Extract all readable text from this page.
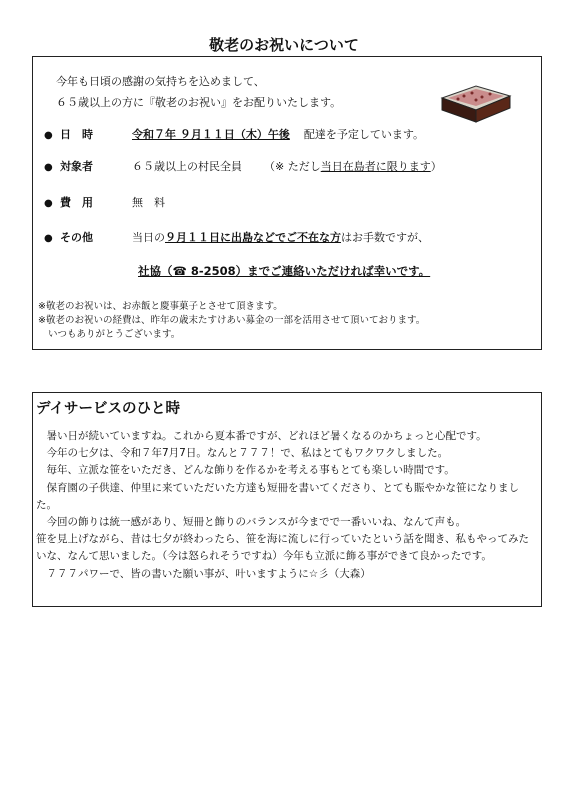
敬老のお祝いについて
今年も日頃の感謝の気持ちを込めまして、
６５歳以上の方に『敬老のお祝い』をお配りいたします。
● 日　時	令和７年 ９月１１日（木）午後 配達を予定しています。
● 対象者	６５歳以上の村民全員 （※ ただし当日在島者に限ります）
● 費　用	無　料
● その他	当日の９月１１日に出島などでご不在な方はお手数ですが、
社協（☎ 8-2508）までご連絡いただければ幸いです。
※敬老のお祝いは、お赤飯と慶事菓子とさせて頂きます。
※敬老のお祝いの経費は、昨年の歳末たすけあい募金の一部を活用させて頂いております。
いつもありがとうございます。
デイサービスのひと時

暑い日が続いていますね。これから夏本番ですが、どれほど暑くなるのかちょっと心配です。

今年の七夕は、令和７年7月7日。なんと７７７！で、私はとてもワクワクしました。

毎年、立派な笹をいただき、どんな飾りを作るかを考える事もとても楽しい時間です。

保育園の子供達、仲里に来ていただいた方達も短冊を書いてくださり、とても賑やかな笹になりました。

今回の飾りは統一感があり、短冊と飾りのバランスが今までで一番いいね、なんて声も。

笹を見上げながら、昔は七夕が終わったら、笹を海に流しに行っていたという話を聞き、私もやってみたいな、なんて思いました。（今は怒られそうですね）今年も立派に飾る事ができて良かったです。

７７７パワーで、皆の書いた願い事が、叶いますように☆彡（大森）
